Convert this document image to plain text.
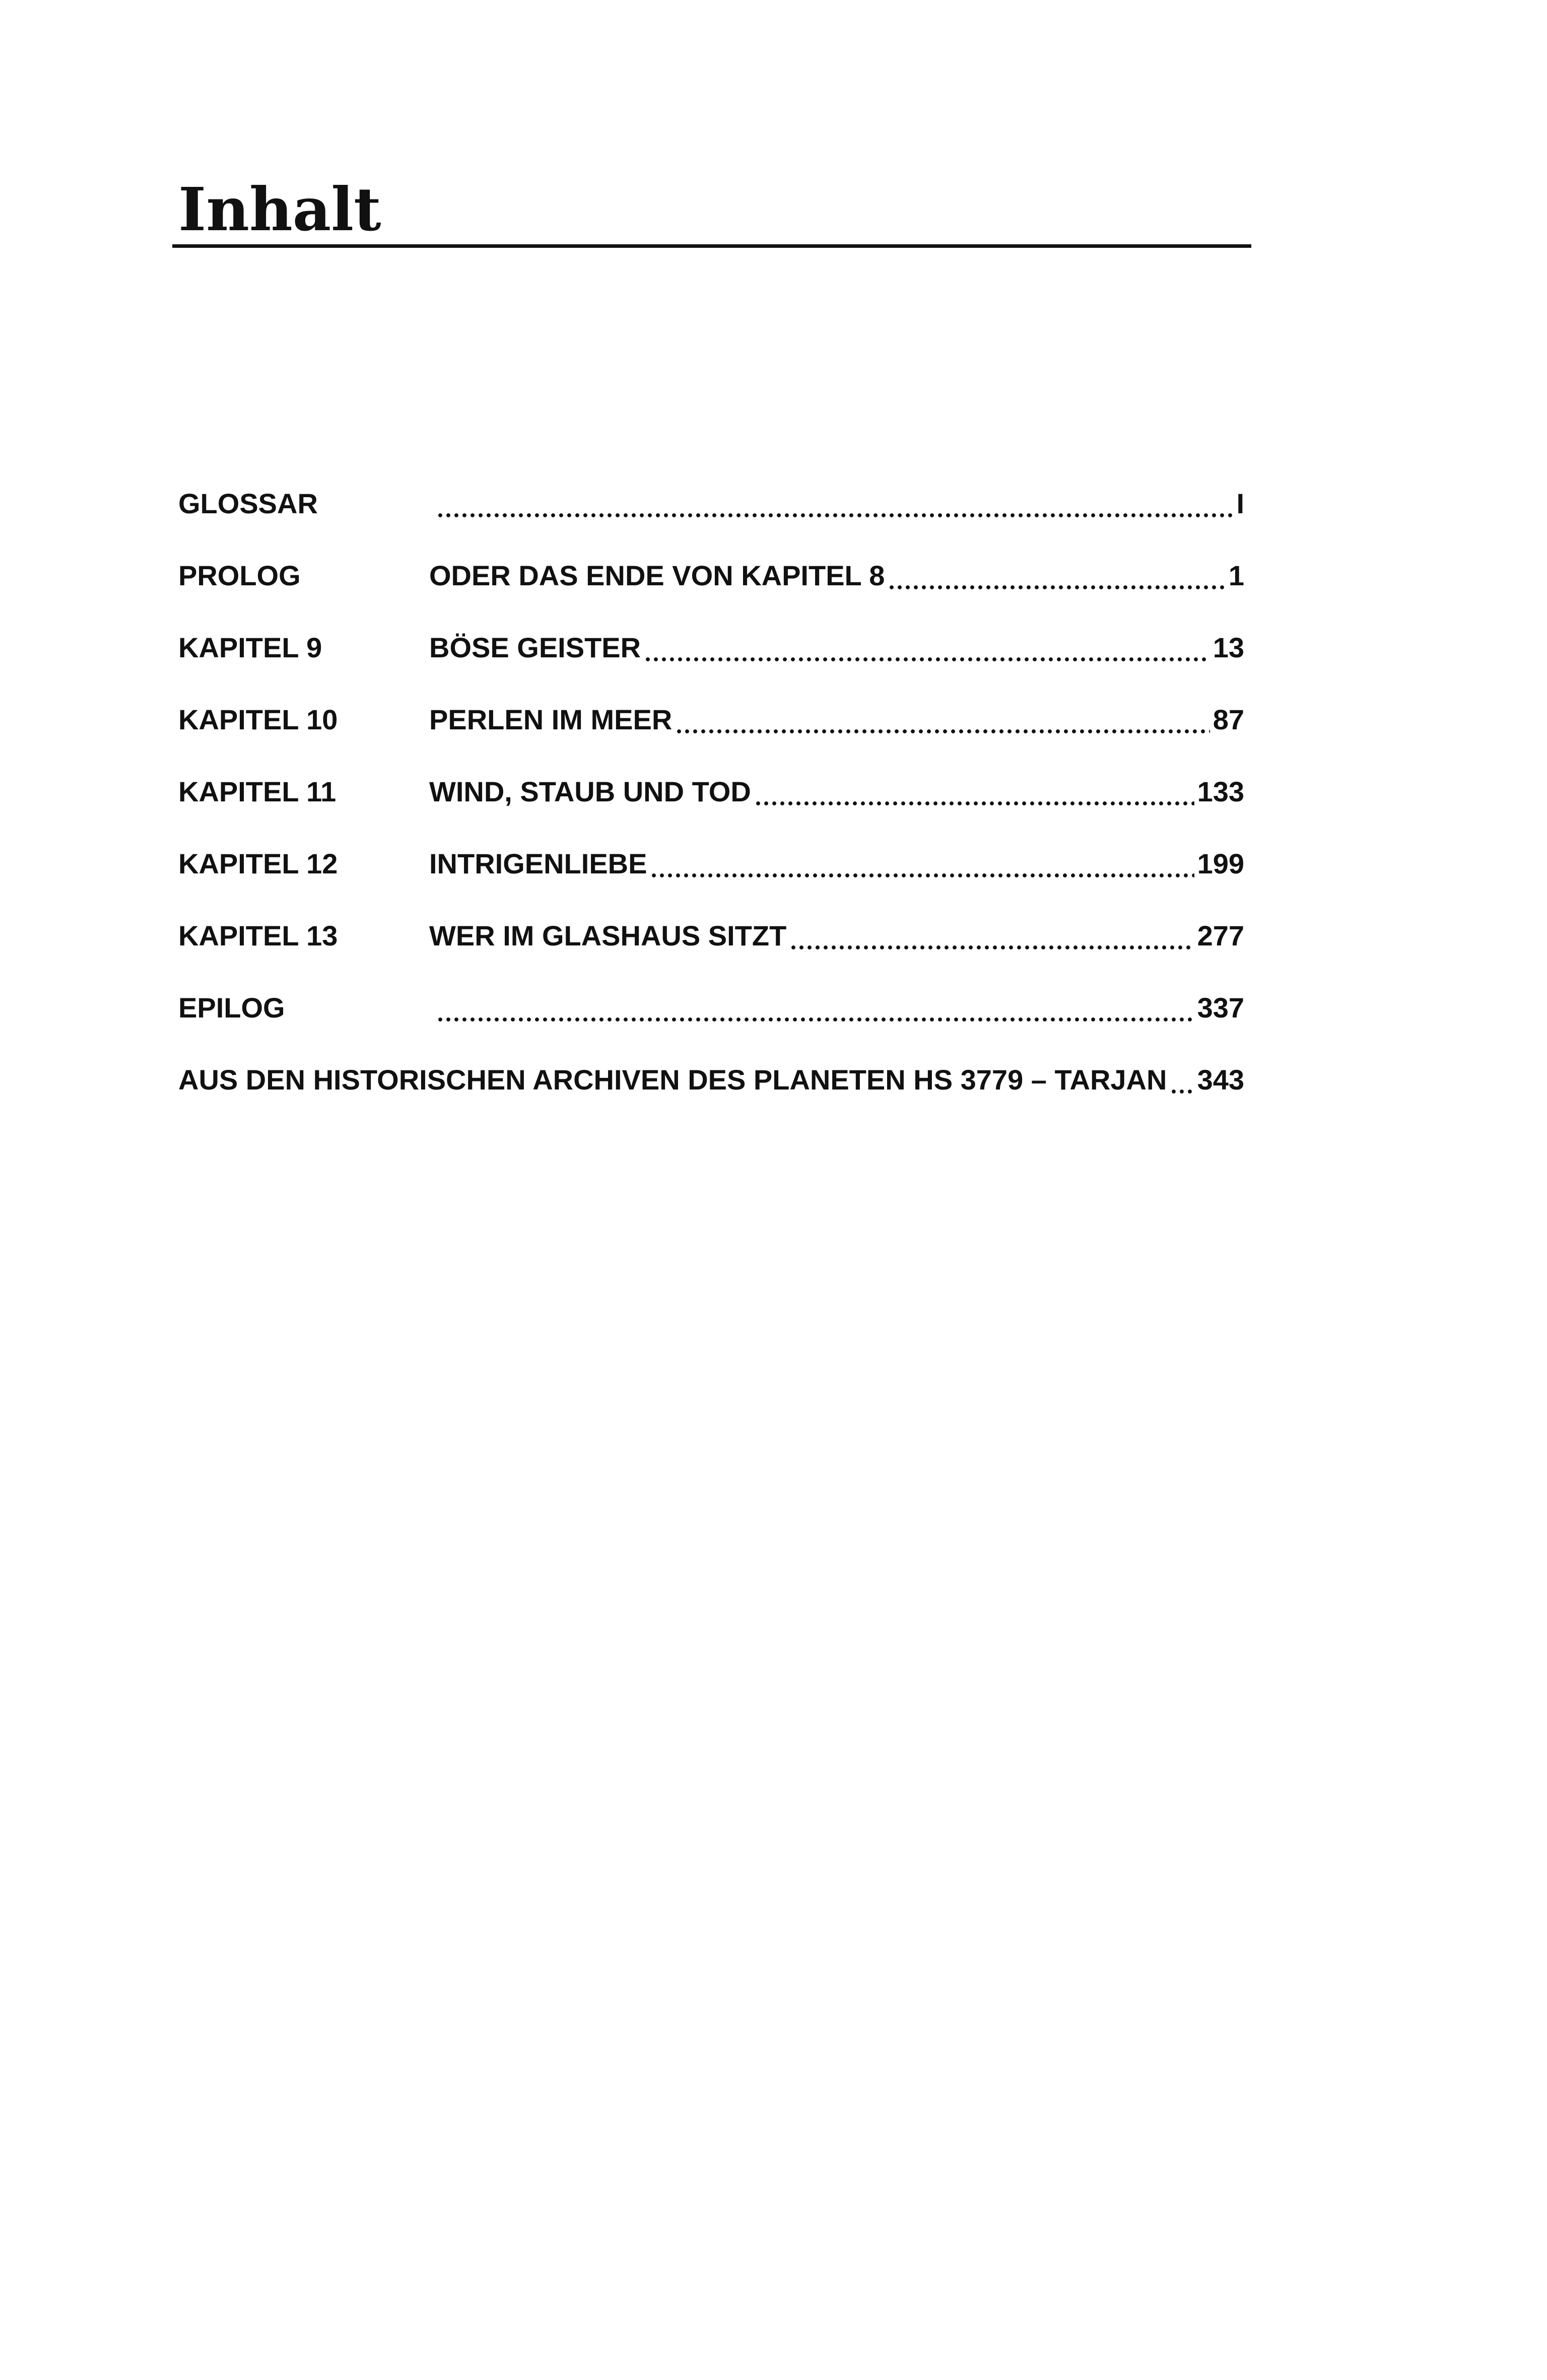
Inhalt
GLOSSAR	I
PROLOG	ODER DAS ENDE VON KAPITEL 8	1
KAPITEL 9	BÖSE GEISTER	13
KAPITEL 10	PERLEN IM MEER	87
KAPITEL 11	WIND, STAUB UND TOD	133
KAPITEL 12	INTRIGENLIEBE	199
KAPITEL 13	WER IM GLASHAUS SITZT	277
EPILOG	337
AUS DEN HISTORISCHEN ARCHIVEN DES PLANETEN HS 3779 – TARJAN 343
